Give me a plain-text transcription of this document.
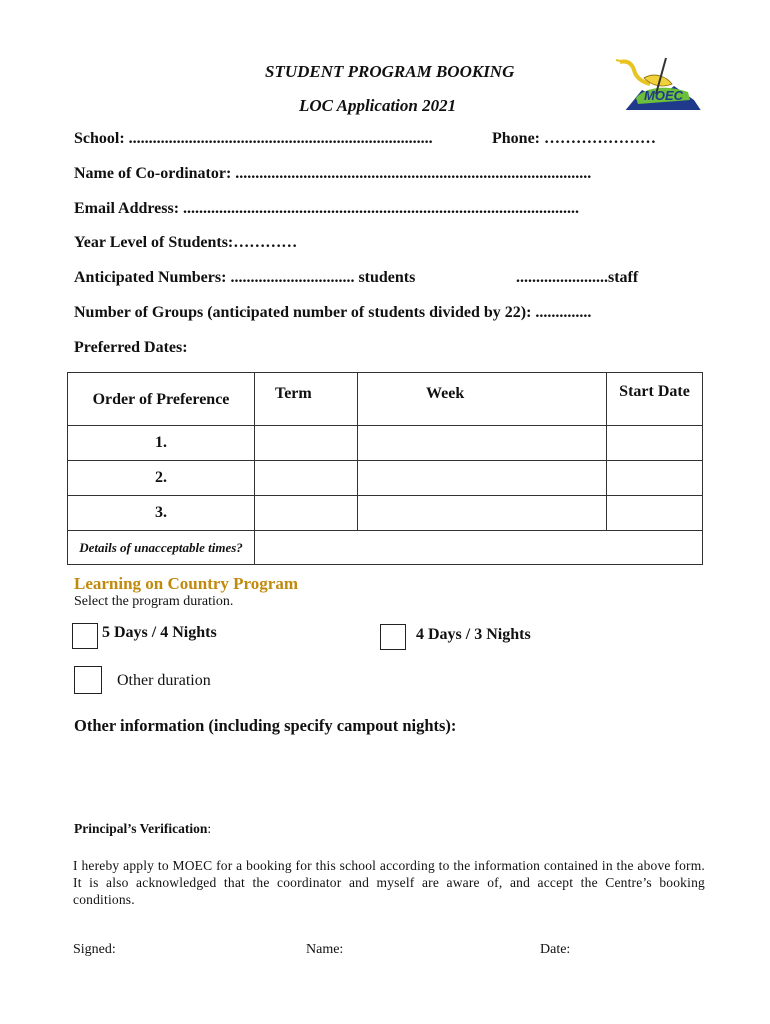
STUDENT PROGRAM BOOKING
LOC Application 2021
MOEC
School: ............................................................................	Phone: …………………
Name of Co-ordinator: .........................................................................................
Email Address: ...................................................................................................
Year Level of Students:…………
Anticipated Numbers: ............................... students	.......................staff
Number of Groups (anticipated number of students divided by 22): ..............
Preferred Dates:
Order of Preference	Term	Week	Start Date
1.			
2.			
3.			
Details of unacceptable times?			
Learning on Country Program
Select the program duration.
5 Days / 4 Nights	4 Days / 3 Nights
Other duration
Other information (including specify campout nights):
Principal’s Verification:
I hereby apply to MOEC for a booking for this school according to the information contained in the above form. It is also acknowledged that the coordinator and myself are aware of, and accept the Centre’s booking conditions.
Signed:	Name:	Date:
